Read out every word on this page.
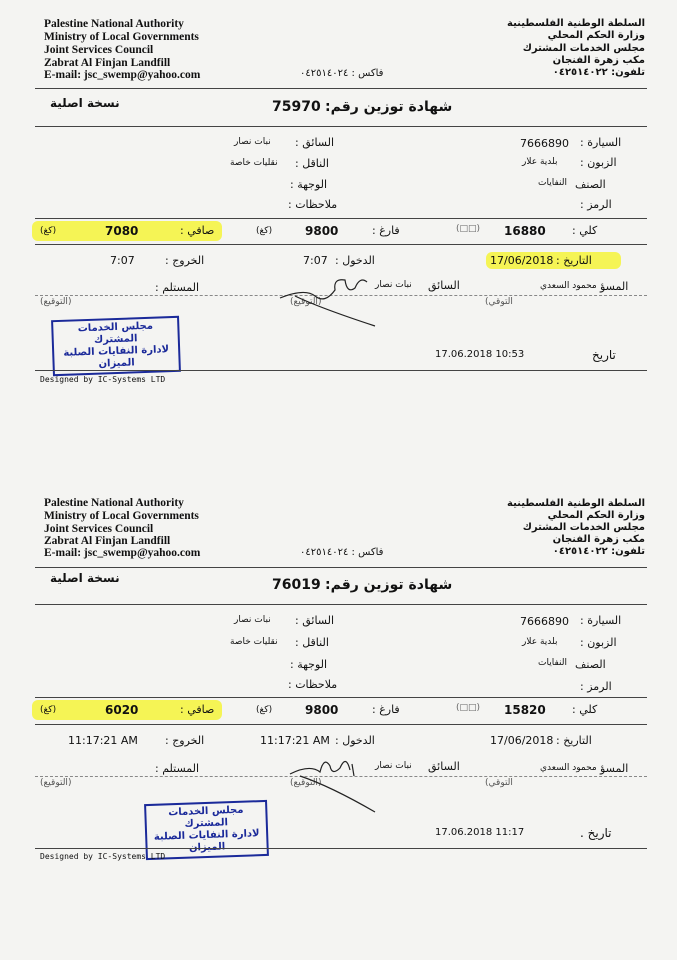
Palestine National Authority
Ministry of Local Governments
Joint Services Council
Zabrat Al Finjan Landfill
E-mail: jsc_swemp@yahoo.com	فاكس : ٠٤٢٥١٤٠٢٤
السلطة الوطنية الفلسطينية
وزارة الحكم المحلي
مجلس الخدمات المشترك
مكب زهرة الفنجان
تلفون: ٠٤٢٥١٤٠٢٢
نسخة اصلية	شهادة توزين رقم:
75970
السيارة :
7666890
الزبون :
بلدية علار
الصنف
النفايات
الرمز :
السائق :
نبات نصار
الناقل :
نقليات خاصة
الوجهة :
ملاحظات :
(كغ)	7080	صافي :	(كغ)	9800	فارغ :	(□□) 16880 كلي :
17/06/2018 التاريخ :
7:07 الدخول :
7:07	الخروج :
المسؤ
محمود السعدي
السائق
نبات نصار
المستلم :
(التوقيع)	(التوقيع)	(التوقي
مجلس الخدمات المشترك
لادارة النفايات الصلبة
الميزان
17.06.2018 10:53	تاريخ
Designed by IC-Systems LTD
Palestine National Authority
Ministry of Local Governments
Joint Services Council
Zabrat Al Finjan Landfill
E-mail: jsc_swemp@yahoo.com	فاكس : ٠٤٢٥١٤٠٢٤
السلطة الوطنية الفلسطينية
وزارة الحكم المحلي
مجلس الخدمات المشترك
مكب زهرة الفنجان
تلفون: ٠٤٢٥١٤٠٢٢
نسخة اصلية	شهادة توزين رقم:
76019
السيارة :
7666890
الزبون :
بلدية علار
الصنف
النفايات
الرمز :
السائق :
نبات نصار
الناقل :
نقليات خاصة
الوجهة :
ملاحظات :
(كغ)	6020	صافي :	(كغ)	9800	فارغ :	(□□) 15820 كلي :
17/06/2018 التاريخ :
11:17:21 AM الدخول :
11:17:21 AM الخروج :
المسؤ
محمود السعدي
السائق
نبات نصار
المستلم :
(التوقيع)	(التوقيع)	(التوقي
مجلس الخدمات المشترك
لادارة النفايات الصلبة
الميزان
17.06.2018 11:17	تاريخ .
Designed by IC-Systems LTD
